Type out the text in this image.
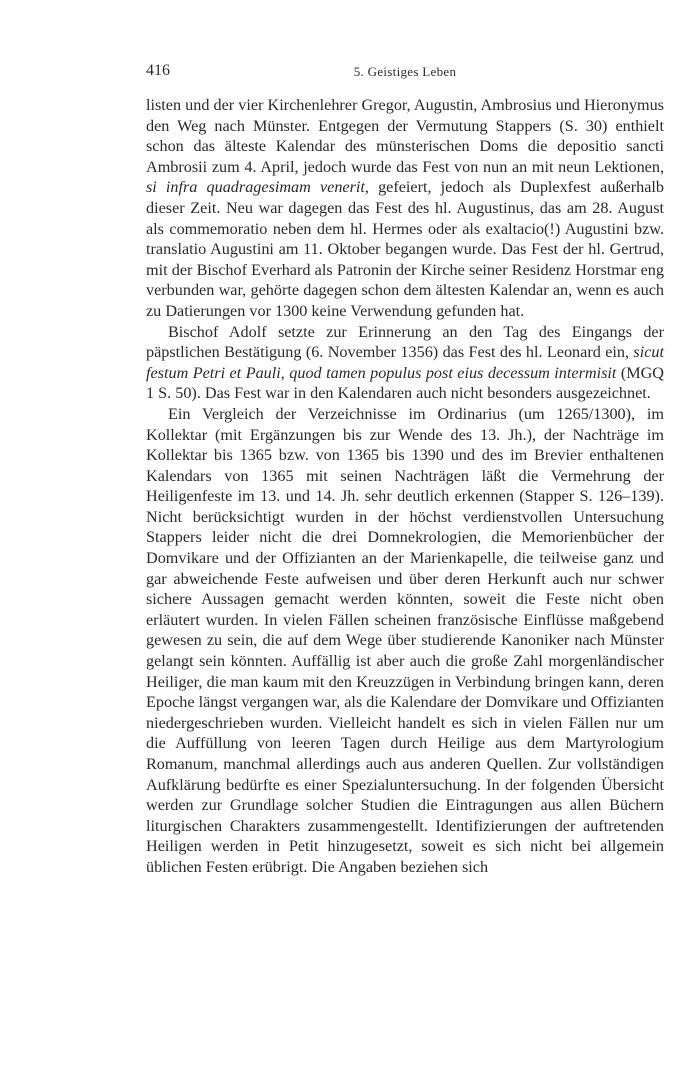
416	5. Geistiges Leben

listen und der vier Kirchenlehrer Gregor, Augustin, Ambrosius und Hieronymus den Weg nach Münster. Entgegen der Vermutung Stappers (S. 30) enthielt schon das älteste Kalendar des münsterischen Doms die depositio sancti Ambrosii zum 4. April, jedoch wurde das Fest von nun an mit neun Lektionen, si infra quadragesimam venerit, gefeiert, jedoch als Duplexfest außerhalb dieser Zeit. Neu war dagegen das Fest des hl. Augustinus, das am 28. August als commemoratio neben dem hl. Hermes oder als exaltacio(!) Augustini bzw. translatio Augustini am 11. Oktober begangen wurde. Das Fest der hl. Gertrud, mit der Bischof Everhard als Patronin der Kirche seiner Residenz Horstmar eng verbunden war, gehörte dagegen schon dem ältesten Kalendar an, wenn es auch zu Datierungen vor 1300 keine Verwendung gefunden hat.

Bischof Adolf setzte zur Erinnerung an den Tag des Eingangs der päpstlichen Bestätigung (6. November 1356) das Fest des hl. Leonard ein, sicut festum Petri et Pauli, quod tamen populus post eius decessum intermisit (MGQ 1 S. 50). Das Fest war in den Kalendaren auch nicht besonders ausgezeichnet.

Ein Vergleich der Verzeichnisse im Ordinarius (um 1265/1300), im Kollektar (mit Ergänzungen bis zur Wende des 13. Jh.), der Nachträge im Kollektar bis 1365 bzw. von 1365 bis 1390 und des im Brevier enthaltenen Kalendars von 1365 mit seinen Nachträgen läßt die Vermehrung der Heiligenfeste im 13. und 14. Jh. sehr deutlich erkennen (Stapper S. 126–139). Nicht berücksichtigt wurden in der höchst verdienstvollen Untersuchung Stappers leider nicht die drei Domnekrologien, die Memorienbücher der Domvikare und der Offizianten an der Marienkapelle, die teilweise ganz und gar abweichende Feste aufweisen und über deren Herkunft auch nur schwer sichere Aussagen gemacht werden könnten, soweit die Feste nicht oben erläutert wurden. In vielen Fällen scheinen französische Einflüsse maßgebend gewesen zu sein, die auf dem Wege über studierende Kanoniker nach Münster gelangt sein könnten. Auffällig ist aber auch die große Zahl morgenländischer Heiliger, die man kaum mit den Kreuzzügen in Verbindung bringen kann, deren Epoche längst vergangen war, als die Kalendare der Domvikare und Offizianten niedergeschrieben wurden. Vielleicht handelt es sich in vielen Fällen nur um die Auffüllung von leeren Tagen durch Heilige aus dem Martyrologium Romanum, manchmal allerdings auch aus anderen Quellen. Zur vollständigen Aufklärung bedürfte es einer Spezialuntersuchung. In der folgenden Übersicht werden zur Grundlage solcher Studien die Eintragungen aus allen Büchern liturgischen Charakters zusammengestellt. Identifizierungen der auftretenden Heiligen werden in Petit hinzugesetzt, soweit es sich nicht bei allgemein üblichen Festen erübrigt. Die Angaben beziehen sich
